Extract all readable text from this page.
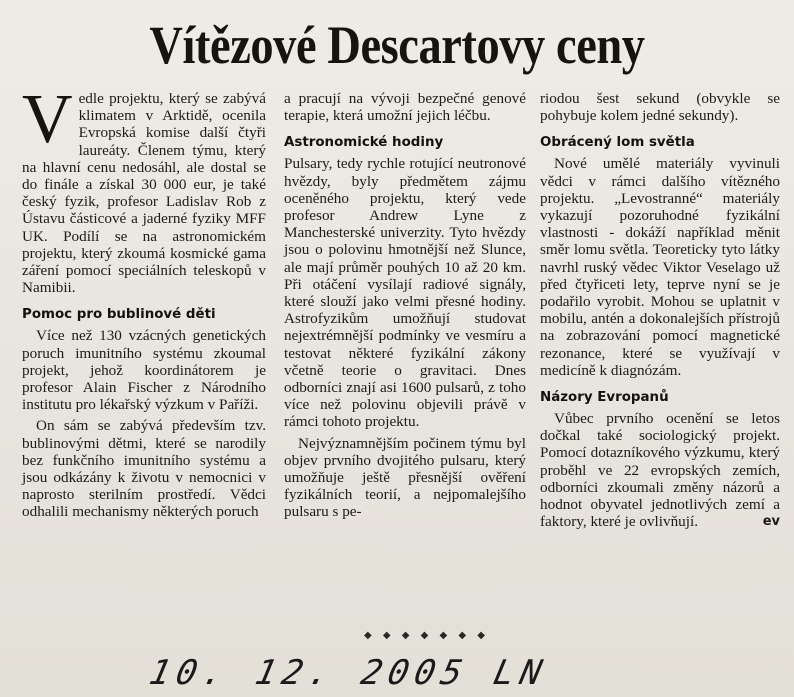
Vítězové Descartovy ceny

Vedle projektu, který se zabývá klimatem v Arktidě, ocenila Evropská komise další čtyři laureáty. Členem týmu, který na hlavní cenu nedosáhl, ale dostal se do finále a získal 30 000 eur, je také český fyzik, profesor Ladislav Rob z Ústavu částicové a jaderné fyziky MFF UK. Podílí se na astronomickém projektu, který zkoumá kosmické gama záření pomocí speciálních teleskopů v Namibii.

Pomoc pro bublinové děti

Více než 130 vzácných genetických poruch imunitního systému zkoumal projekt, jehož koordinátorem je profesor Alain Fischer z Národního institutu pro lékařský výzkum v Paříži.

On sám se zabývá především tzv. bublinovými dětmi, které se narodily bez funkčního imunitního systému a jsou odkázány k životu v nemocnici v naprosto sterilním prostředí. Vědci odhalili mechanismy některých poruch

a pracují na vývoji bezpečné genové terapie, která umožní jejich léčbu.

Astronomické hodiny

Pulsary, tedy rychle rotující neutronové hvězdy, byly předmětem zájmu oceněného projektu, který vede profesor Andrew Lyne z Manchesterské univerzity. Tyto hvězdy jsou o polovinu hmotnější než Slunce, ale mají průměr pouhých 10 až 20 km. Při otáčení vysílají radiové signály, které slouží jako velmi přesné hodiny. Astrofyzikům umožňují studovat nejextrémnější podmínky ve vesmíru a testovat některé fyzikální zákony včetně teorie o gravitaci. Dnes odborníci znají asi 1600 pulsarů, z toho více než polovinu objevili právě v rámci tohoto projektu.

Nejvýznamnějším počinem týmu byl objev prvního dvojitého pulsaru, který umožňuje ještě přesnější ověření fyzikálních teorií, a nejpomalejšího pulsaru s pe-

riodou šest sekund (obvykle se pohybuje kolem jedné sekundy).

Obrácený lom světla

Nové umělé materiály vyvinuli vědci v rámci dalšího vítězného projektu. „Levostranné“ materiály vykazují pozoruhodné fyzikální vlastnosti - dokáží například měnit směr lomu světla. Teoreticky tyto látky navrhl ruský vědec Viktor Veselago už před čtyřiceti lety, teprve nyní se je podařilo vyrobit. Mohou se uplatnit v mobilu, antén a dokonalejších přístrojů na zobrazování pomocí magnetické rezonance, které se využívají v medicíně k diagnózám.

Názory Evropanů

Vůbec prvního ocenění se letos dočkal také sociologický projekt. Pomocí dotazníkového výzkumu, který proběhl ve 22 evropských zemích, odborníci zkoumali změny názorů a hodnot obyvatel jednotlivých zemí a faktory, které je ovlivňují.	ev

◆ ◆ ◆ ◆ ◆ ◆ ◆
10. 12. 2005 LN
